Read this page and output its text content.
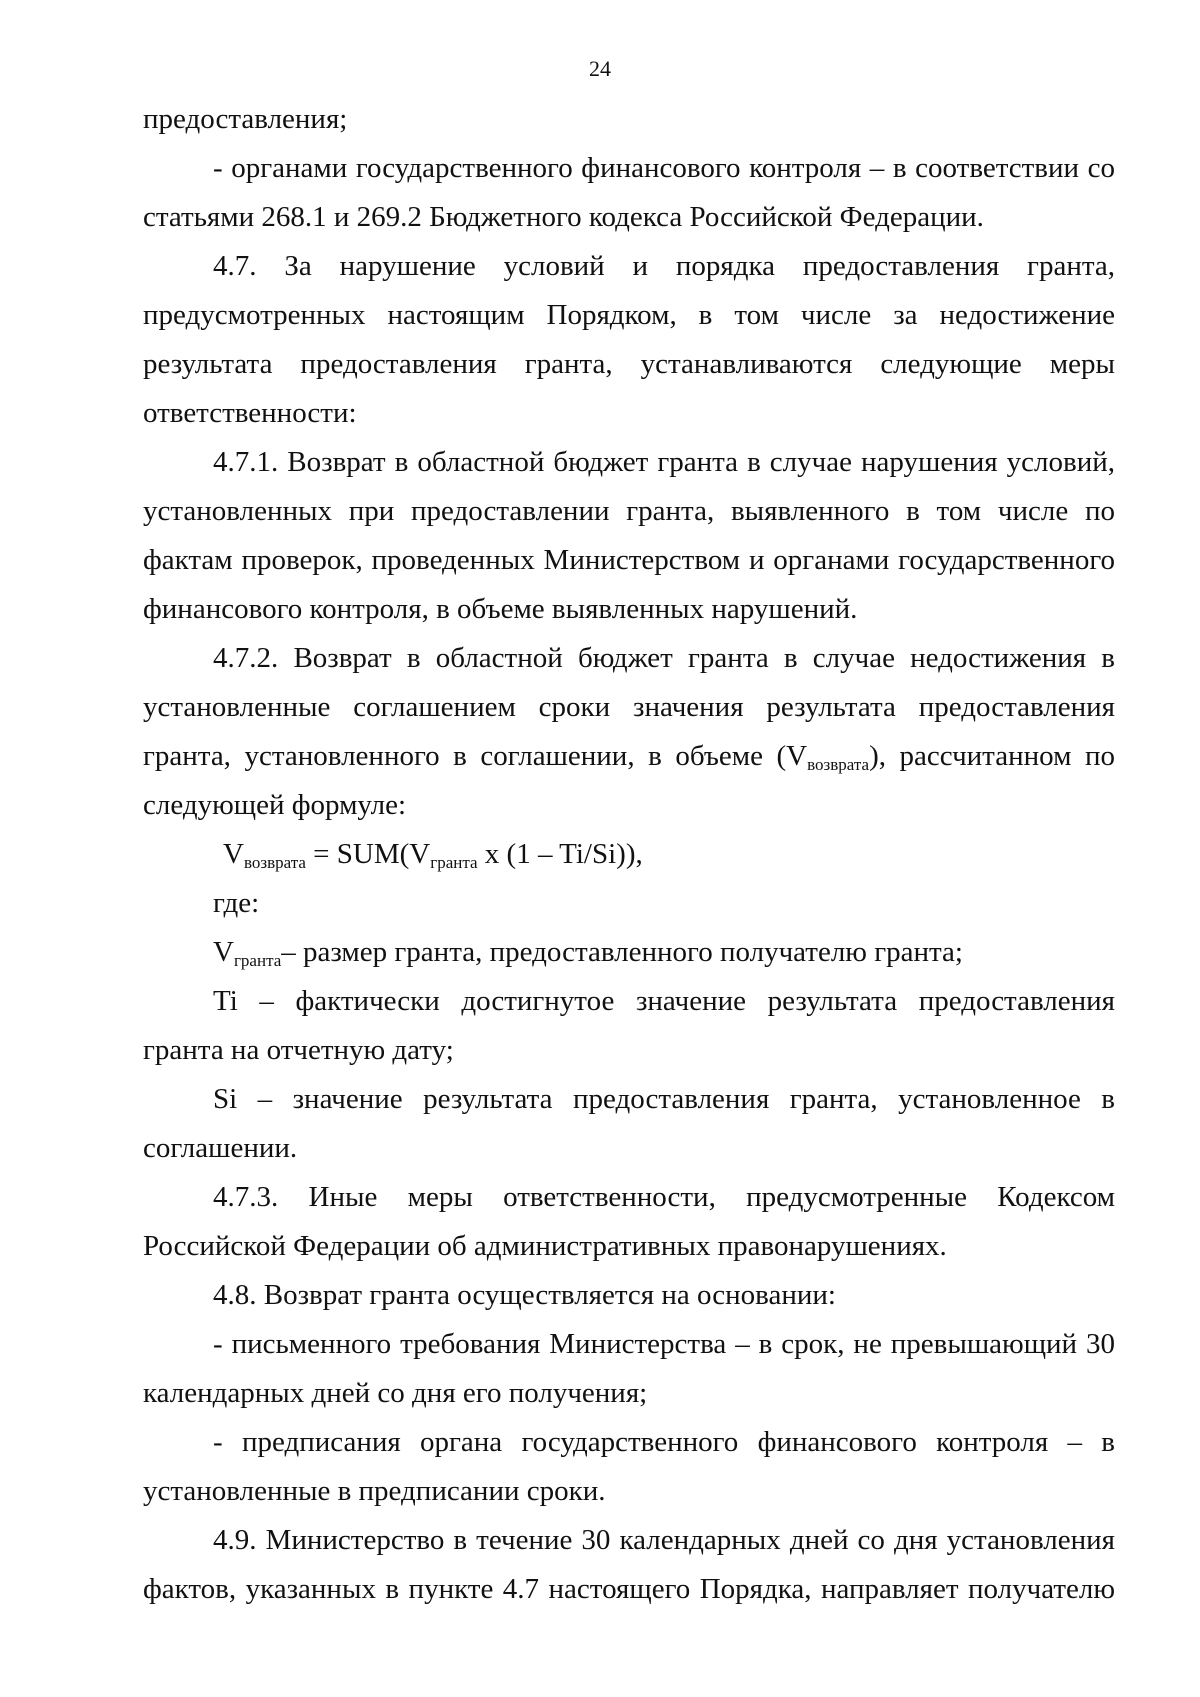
24

предоставления;

- органами государственного финансового контроля – в соответствии со статьями 268.1 и 269.2 Бюджетного кодекса Российской Федерации.

4.7. За нарушение условий и порядка предоставления гранта, предусмотренных настоящим Порядком, в том числе за недостижение результата предоставления гранта, устанавливаются следующие меры ответственности:

4.7.1. Возврат в областной бюджет гранта в случае нарушения условий, установленных при предоставлении гранта, выявленного в том числе по фактам проверок, проведенных Министерством и органами государственного финансового контроля, в объеме выявленных нарушений.

4.7.2. Возврат в областной бюджет гранта в случае недостижения в установленные соглашением сроки значения результата предоставления гранта, установленного в соглашении, в объеме $(V_{возврата})$, рассчитанном по следующей формуле:

$V_{возврата} = SUM(V_{гранта}$ x (1 – Ti/Si)),

где:

$V_{гранта}-$ размер гранта, предоставленного получателю гранта;

Ti – фактически достигнутое значение результата предоставления гранта на отчетную дату;

Si – значение результата предоставления гранта, установленное в соглашении.

4.7.3. Иные меры ответственности, предусмотренные Кодексом Российской Федерации об административных правонарушениях.

4.8. Возврат гранта осуществляется на основании:

- письменного требования Министерства – в срок, не превышающий 30 календарных дней со дня его получения;

- предписания органа государственного финансового контроля – в установленные в предписании сроки.

4.9. Министерство в течение 30 календарных дней со дня установления фактов, указанных в пункте 4.7 настоящего Порядка, направляет получателю
